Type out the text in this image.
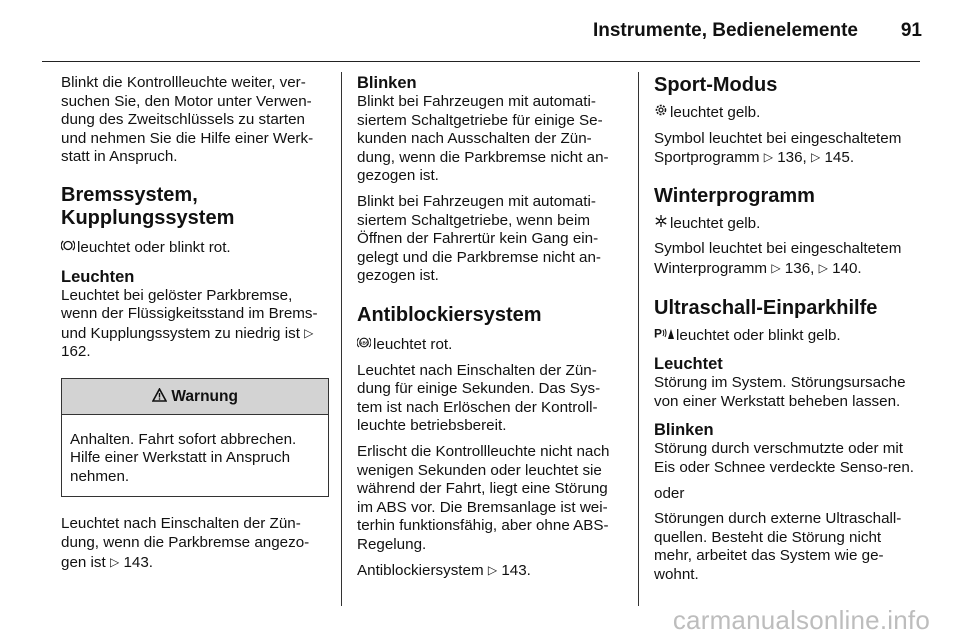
Instrumente, Bedienelemente 91

Blinkt die Kontrollleuchte weiter, ver-suchen Sie, den Motor unter Verwen-dung des Zweitschlüssels zu starten und nehmen Sie die Hilfe einer Werk-statt in Anspruch.

Bremssystem, Kupplungssystem

leuchtet oder blinkt rot.

Leuchten

Leuchtet bei gelöster Parkbremse, wenn der Flüssigkeitsstand im Brems- und Kupplungssystem zu niedrig ist ▷ 162.

Warnung
Anhalten. Fahrt sofort abbrechen. Hilfe einer Werkstatt in Anspruch nehmen.

Leuchtet nach Einschalten der Zün-dung, wenn die Parkbremse angezo-gen ist ▷ 143.

Blinken

Blinkt bei Fahrzeugen mit automati-siertem Schaltgetriebe für einige Se-kunden nach Ausschalten der Zün-dung, wenn die Parkbremse nicht an-gezogen ist.

Blinkt bei Fahrzeugen mit automati-siertem Schaltgetriebe, wenn beim Öffnen der Fahrertür kein Gang ein-gelegt und die Parkbremse nicht an-gezogen ist.

Antiblockiersystem

ABS leuchtet rot.

Leuchtet nach Einschalten der Zün-dung für einige Sekunden. Das Sys-tem ist nach Erlöschen der Kontroll-leuchte betriebsbereit.

Erlischt die Kontrollleuchte nicht nach wenigen Sekunden oder leuchtet sie während der Fahrt, liegt eine Störung im ABS vor. Die Bremsanlage ist wei-terhin funktionsfähig, aber ohne ABS-Regelung.

Antiblockiersystem ▷ 143.

Sport-Modus

leuchtet gelb.

Symbol leuchtet bei eingeschaltetem Sportprogramm ▷ 136, ▷ 145.

Winterprogramm

leuchtet gelb.

Symbol leuchtet bei eingeschaltetem Winterprogramm ▷ 136, ▷ 140.

Ultraschall-Einparkhilfe

P leuchtet oder blinkt gelb.

Leuchtet

Störung im System. Störungsursache von einer Werkstatt beheben lassen.

Blinken

Störung durch verschmutzte oder mit Eis oder Schnee verdeckte Senso-ren.

oder

Störungen durch externe Ultraschall-quellen. Besteht die Störung nicht mehr, arbeitet das System wie ge-wohnt.

carmanualsonline.info
